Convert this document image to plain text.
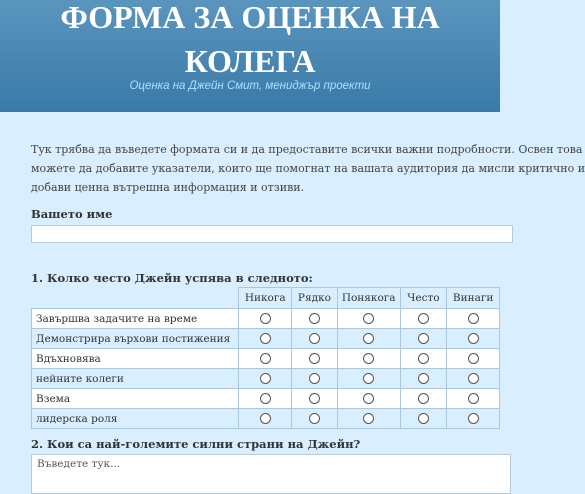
ФОРМА ЗА ОЦЕНКА НА
КОЛЕГА
Оценка на Джейн Смит, мениджър проекти
Тук трябва да въведете формата си и да предоставите всички важни подробности. Освен това
можете да добавите указатели, които ще помогнат на вашата аудитория да мисли критично и
добави ценна вътрешна информация и отзиви.
Вашето име
1. Колко често Джейн успява в следното:
	Никога	Рядко	Понякога	Често	Винаги
Завършва задачите на време					
Демонстрира върхови постижения					
Вдъхновява					
нейните колеги					
Взема					
лидерска роля					
2. Кои са най-големите силни страни на Джейн?
Въведете тук...
